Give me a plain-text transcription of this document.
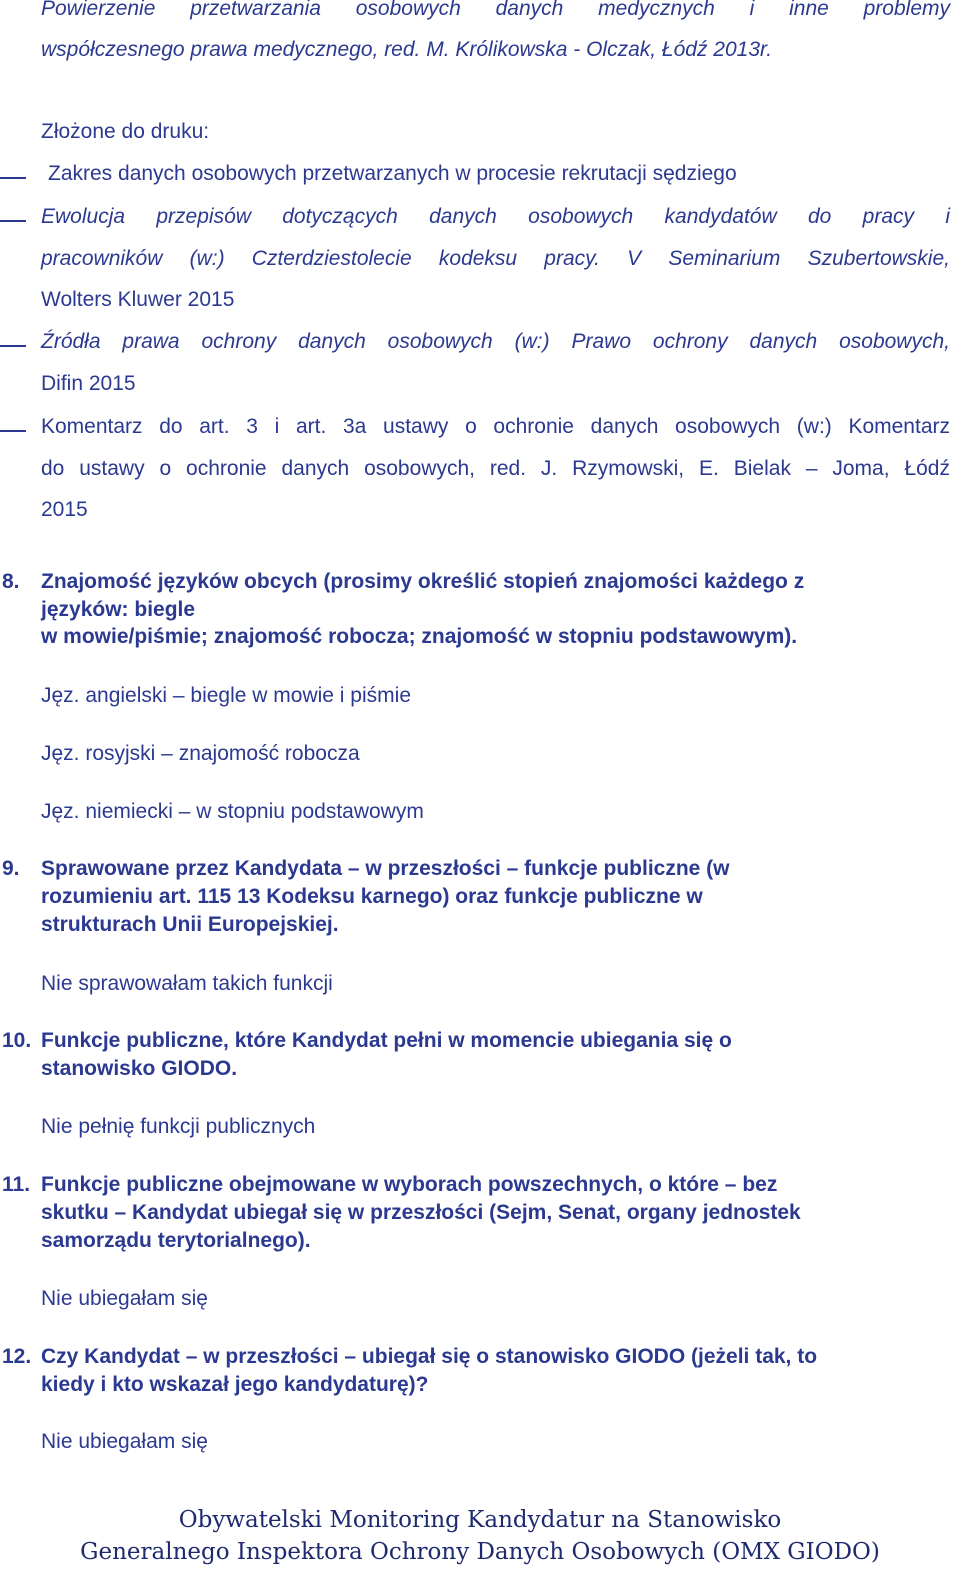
Powierzenie przetwarzania osobowych danych medycznych i inne problemy
współczesnego prawa medycznego, red. M. Królikowska - Olczak, Łódź 2013r.
Złożone do druku:
Zakres danych osobowych przetwarzanych w procesie rekrutacji sędziego
Ewolucja przepisów dotyczących danych osobowych kandydatów do pracy i
pracowników (w:) Czterdziestolecie kodeksu pracy. V Seminarium Szubertowskie,
Wolters Kluwer 2015
Źródła prawa ochrony danych osobowych (w:) Prawo ochrony danych osobowych,
Difin 2015
Komentarz do art. 3 i art. 3a ustawy o ochronie danych osobowych (w:) Komentarz
do ustawy o ochronie danych osobowych, red. J. Rzymowski, E. Bielak – Joma, Łódź
2015
8. Znajomość języków obcych (prosimy określić stopień znajomości każdego z
języków: biegle
w mowie/piśmie; znajomość robocza; znajomość w stopniu podstawowym).
Jęz. angielski – biegle w mowie i piśmie
Jęz. rosyjski – znajomość robocza
Jęz. niemiecki – w stopniu podstawowym
9. Sprawowane przez Kandydata – w przeszłości – funkcje publiczne (w
rozumieniu art. 115 13 Kodeksu karnego) oraz funkcje publiczne w
strukturach Unii Europejskiej.
Nie sprawowałam takich funkcji
10. Funkcje publiczne, które Kandydat pełni w momencie ubiegania się o
stanowisko GIODO.
Nie pełnię funkcji publicznych
11. Funkcje publiczne obejmowane w wyborach powszechnych, o które – bez
skutku – Kandydat ubiegał się w przeszłości (Sejm, Senat, organy jednostek
samorządu terytorialnego).
Nie ubiegałam się
12. Czy Kandydat – w przeszłości – ubiegał się o stanowisko GIODO (jeżeli tak, to
kiedy i kto wskazał jego kandydaturę)?
Nie ubiegałam się
Obywatelski Monitoring Kandydatur na Stanowisko
Generalnego Inspektora Ochrony Danych Osobowych (OMX GIODO)
